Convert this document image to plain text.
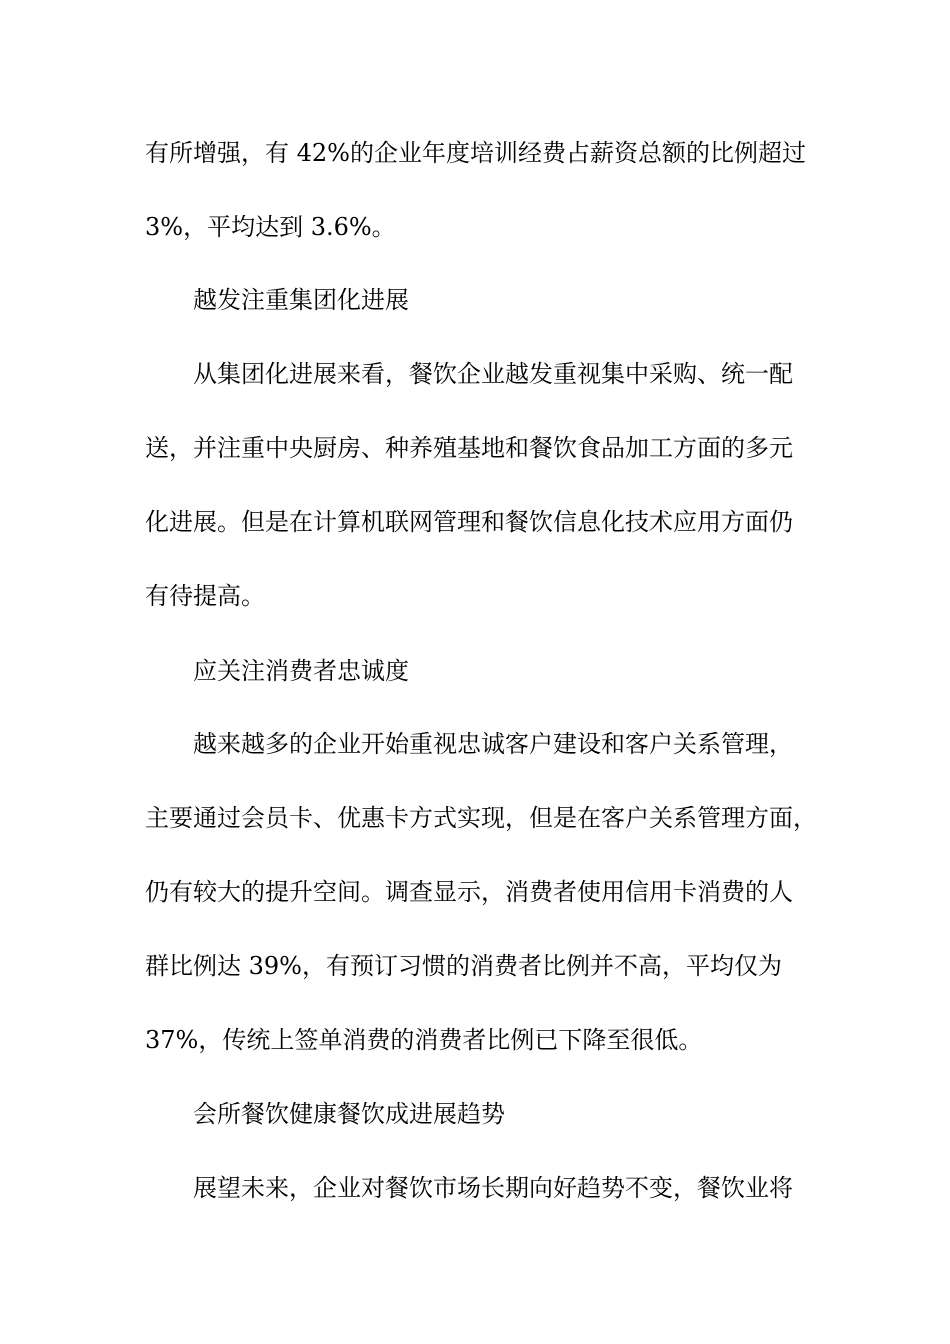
有所增强，有 42%的企业年度培训经费占薪资总额的比例超过
3%，平均达到 3.6%。
越发注重集团化进展
从集团化进展来看，餐饮企业越发重视集中采购、统一配
送，并注重中央厨房、种养殖基地和餐饮食品加工方面的多元
化进展。但是在计算机联网管理和餐饮信息化技术应用方面仍
有待提高。
应关注消费者忠诚度
越来越多的企业开始重视忠诚客户建设和客户关系管理，
主要通过会员卡、优惠卡方式实现，但是在客户关系管理方面，
仍有较大的提升空间。调查显示，消费者使用信用卡消费的人
群比例达 39%，有预订习惯的消费者比例并不高，平均仅为
37%，传统上签单消费的消费者比例已下降至很低。
会所餐饮健康餐饮成进展趋势
展望未来，企业对餐饮市场长期向好趋势不变，餐饮业将
